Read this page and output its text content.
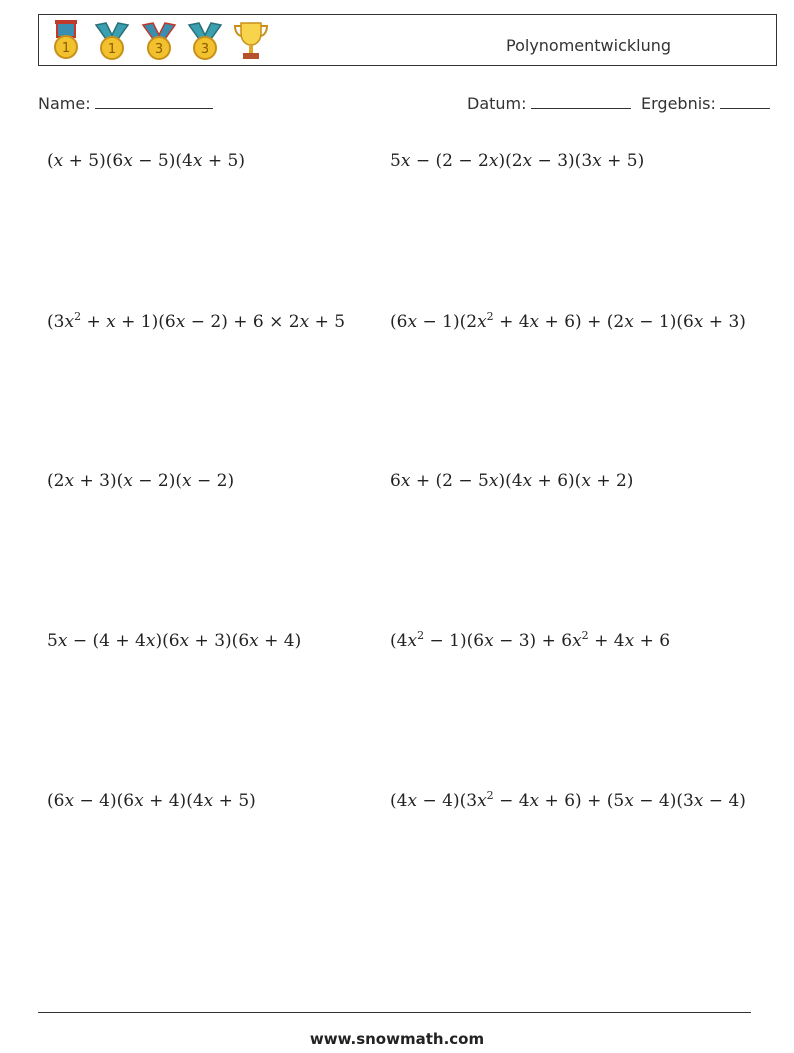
1	1	3	3	Polynomentwicklung
Name:	Datum:	Ergebnis:
(x + 5)(6x − 5)(4x + 5)	5x − (2 − 2x)(2x − 3)(3x + 5)
$(3x^2 + x + 1)(6x - 2) + 6 \times 2x + 5$	$(6x - 1)(2x^2 + 4x + 6) + (2x - 1)(6x + 3)$
(2x + 3)(x − 2)(x − 2)	6x + (2 − 5x)(4x + 6)(x + 2)
5x − (4 + 4x)(6x + 3)(6x + 4)	$(4x^2 - 1)(6x - 3) + 6x^2 + 4x + 6$
(6x − 4)(6x + 4)(4x + 5)	$(4x - 4)(3x^2 - 4x + 6) + (5x - 4)(3x - 4)$
www.snowmath.com
